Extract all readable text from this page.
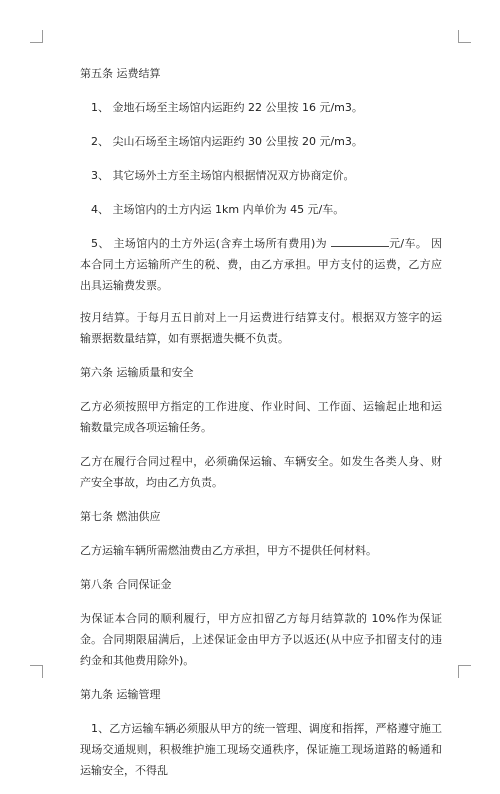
第五条 运费结算

1、 金地石场至主场馆内运距约 22 公里按 16 元/m3。

2、 尖山石场至主场馆内运距约 30 公里按 20 元/m3。

3、 其它场外土方至主场馆内根据情况双方协商定价。

4、 主场馆内的土方内运 1km 内单价为 45 元/车。

5、 主场馆内的土方外运(含弃土场所有费用)为	元/车。 因本合同土方运输所产生的税、费，由乙方承担。甲方支付的运费，乙方应出具运输费发票。

按月结算。于每月五日前对上一月运费进行结算支付。根据双方签字的运输票据数量结算，如有票据遗失概不负责。

第六条 运输质量和安全

乙方必须按照甲方指定的工作进度、作业时间、工作面、运输起止地和运输数量完成各项运输任务。

乙方在履行合同过程中，必须确保运输、车辆安全。如发生各类人身、财产安全事故，均由乙方负责。

第七条 燃油供应

乙方运输车辆所需燃油费由乙方承担，甲方不提供任何材料。

第八条 合同保证金

为保证本合同的顺利履行，甲方应扣留乙方每月结算款的 10%作为保证金。合同期限届满后，上述保证金由甲方予以返还(从中应予扣留支付的违约金和其他费用除外)。

第九条 运输管理

1、乙方运输车辆必须服从甲方的统一管理、调度和指挥，严格遵守施工现场交通规则，积极维护施工现场交通秩序，保证施工现场道路的畅通和运输安全，不得乱
